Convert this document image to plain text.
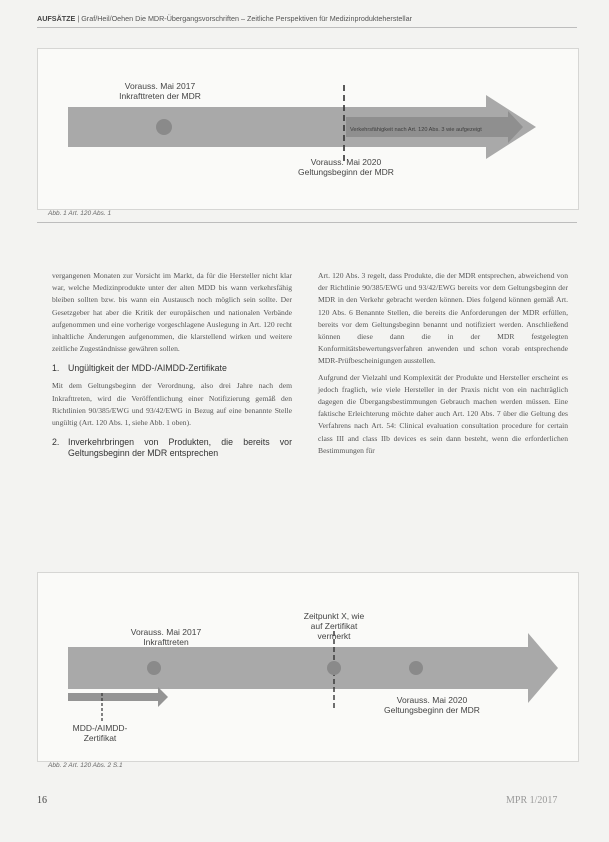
AUFSÄTZE | Graf/Heil/Oehen Die MDR-Übergangsvorschriften – Zeitliche Perspektiven für Medizinprodukteherstellar
Verkehrsfähigkeit nach Art. 120 Abs. 3 wie aufgezeigt
Vorauss. Mai 2017
Inkrafttreten der MDR
Vorauss. Mai 2020
Geltungsbeginn der MDR
Abb. 1 Art. 120 Abs. 1

vergangenen Monaten zur Vorsicht im Markt, da für die Hersteller nicht klar war, welche Medizinprodukte unter der alten MDD bis wann verkehrsfähig bleiben sollten bzw. bis wann ein Austausch noch möglich sein sollte. Der Gesetzgeber hat aber die Kritik der europäischen und nationalen Verbände aufgenommen und eine vorherige vorgeschlagene Auslegung in Art. 120 recht inhaltliche Änderungen aufgenommen, die klarstellend wirken und weitere zeitliche Zugeständnisse gewähren sollen.

1. Ungültigkeit der MDD-/AIMDD-Zertifikate

Mit dem Geltungsbeginn der Verordnung, also drei Jahre nach dem Inkrafttreten, wird die Veröffentlichung einer Notifizierung gemäß den Richtlinien 90/385/EWG und 93/42/EWG in Bezug auf eine benannte Stelle ungültig (Art. 120 Abs. 1, siehe Abb. 1 oben).

2. Inverkehrbringen von Produkten, die bereits vor Geltungsbeginn der MDR entsprechen

Art. 120 Abs. 3 regelt, dass Produkte, die der MDR entsprechen, abweichend von der Richtlinie 90/385/EWG und 93/42/EWG bereits vor dem Geltungsbeginn der MDR in den Verkehr gebracht werden können. Dies folgend können gemäß Art. 120 Abs. 6 Benannte Stellen, die bereits die Anforderungen der MDR erfüllen, bereits vor dem Geltungsbeginn benannt und notifiziert werden. Anschließend können diese dann die in der MDR festgelegten Konformitätsbewertungsverfahren anwenden und schon vorab entsprechende MDR-Prüfbescheinigungen ausstellen.

Aufgrund der Vielzahl und Komplexität der Produkte und Hersteller erscheint es jedoch fraglich, wie viele Hersteller in der Praxis nicht von ein nachträglich dagegen die Übergangsbestimmungen Gebrauch machen werden müssen. Eine faktische Erleichterung möchte daher auch Art. 120 Abs. 7 über die Geltung des Verfahrens nach Art. 54: Clinical evaluation consultation procedure for certain class III and class IIb devices es sein dann besteht, wenn die erforderlichen Bestimmungen für

Vorauss. Mai 2017
Inkrafttreten
Zeitpunkt X, wie
auf Zertifikat
vermerkt
Vorauss. Mai 2020
Geltungsbeginn der MDR
MDD-/AIMDD-
Zertifikat
Abb. 2 Art. 120 Abs. 2 S.1
16	MPR 1/2017
